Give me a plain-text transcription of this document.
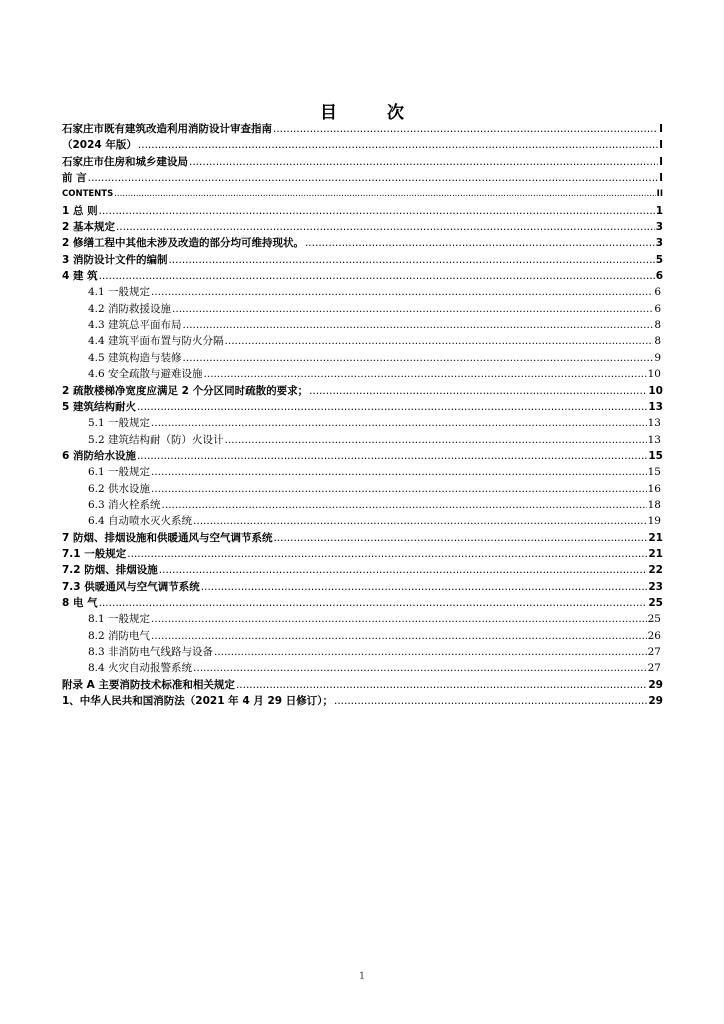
目 次
石家庄市既有建筑改造利用消防设计审查指南 .....	I
（2024 年版） .....	I
石家庄市住房和城乡建设局 .....	I
前 言 .....	I
CONTENTS .....	II
1 总 则 .....	1
2 基本规定 .....	3
2 修缮工程中其他未涉及改造的部分均可维持现状。 .....	3
3 消防设计文件的编制 .....	5
4 建 筑 .....	6
4.1 一般规定 .....	6
4.2 消防救援设施 .....	6
4.3 建筑总平面布局 .....	8
4.4 建筑平面布置与防火分隔 .....	8
4.5 建筑构造与装修 .....	9
4.6 安全疏散与避难设施 .....	10
2 疏散楼梯净宽度应满足 2 个分区同时疏散的要求； .....	10
5 建筑结构耐火 .....	13
5.1 一般规定 .....	13
5.2 建筑结构耐（防）火设计 .....	13
6 消防给水设施 .....	15
6.1 一般规定 .....	15
6.2 供水设施 .....	16
6.3 消火栓系统 .....	18
6.4 自动喷水灭火系统 .....	19
7 防烟、排烟设施和供暖通风与空气调节系统 .....	21
7.1 一般规定 .....	21
7.2 防烟、排烟设施 .....	22
7.3 供暖通风与空气调节系统 .....	23
8 电 气 .....	25
8.1 一般规定 .....	25
8.2 消防电气 .....	26
8.3 非消防电气线路与设备 .....	27
8.4 火灾自动报警系统 .....	27
附录 A 主要消防技术标准和相关规定 .....	29
1、中华人民共和国消防法（2021 年 4 月 29 日修订）； .....	29
1
